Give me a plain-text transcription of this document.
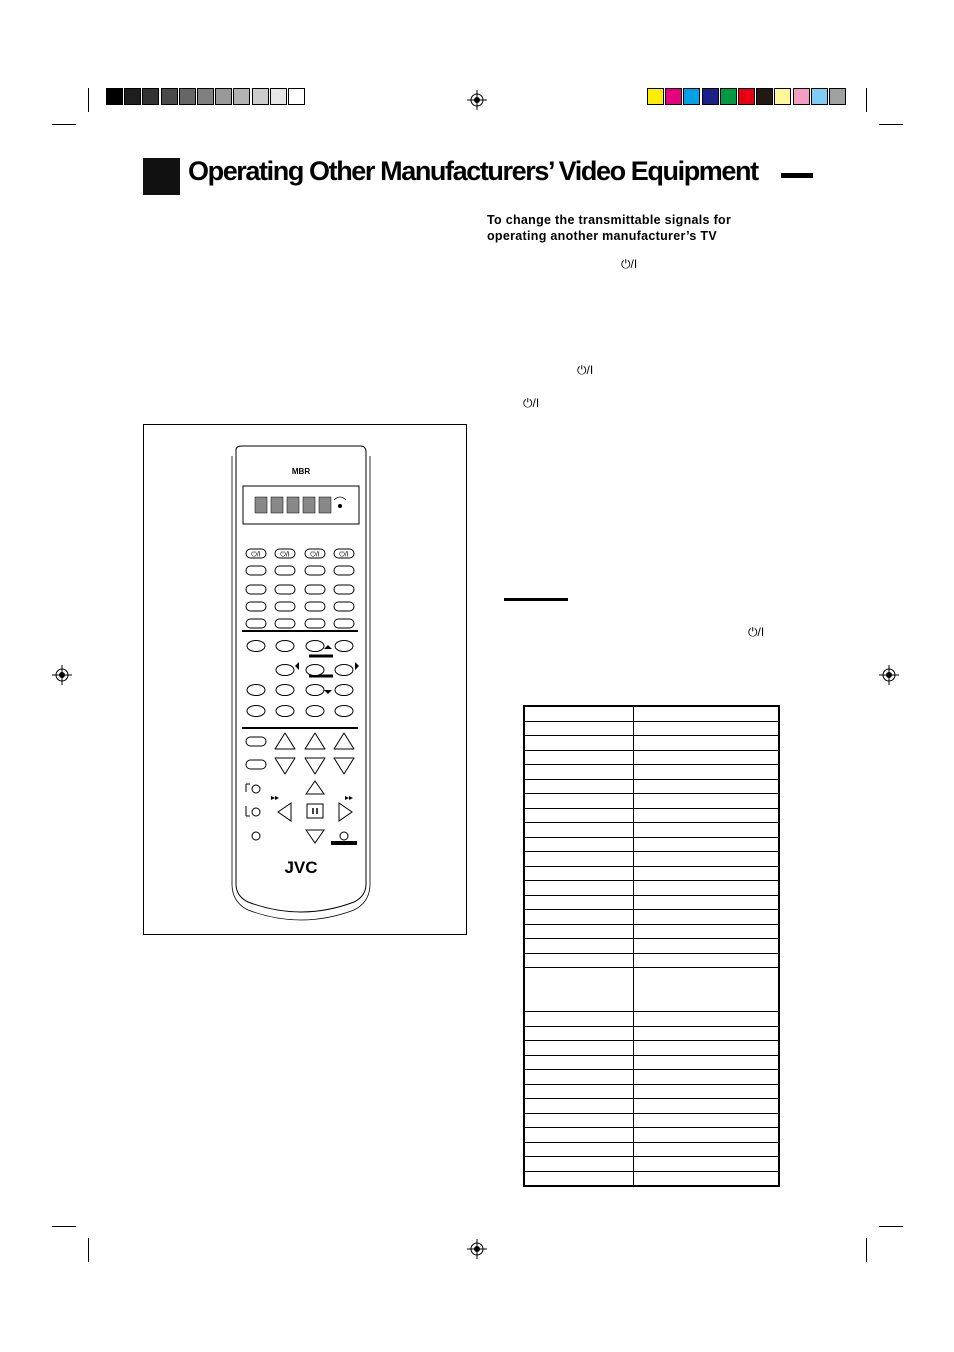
Operating Other Manufacturers’ Video Equipment
To change the transmittable signals for operating another manufacturer’s TV
⏻/I
⏻/I
⏻/I
⏻/I
JVC
MBR
⏻/I	⏻/I	⏻/I	⏻/I
